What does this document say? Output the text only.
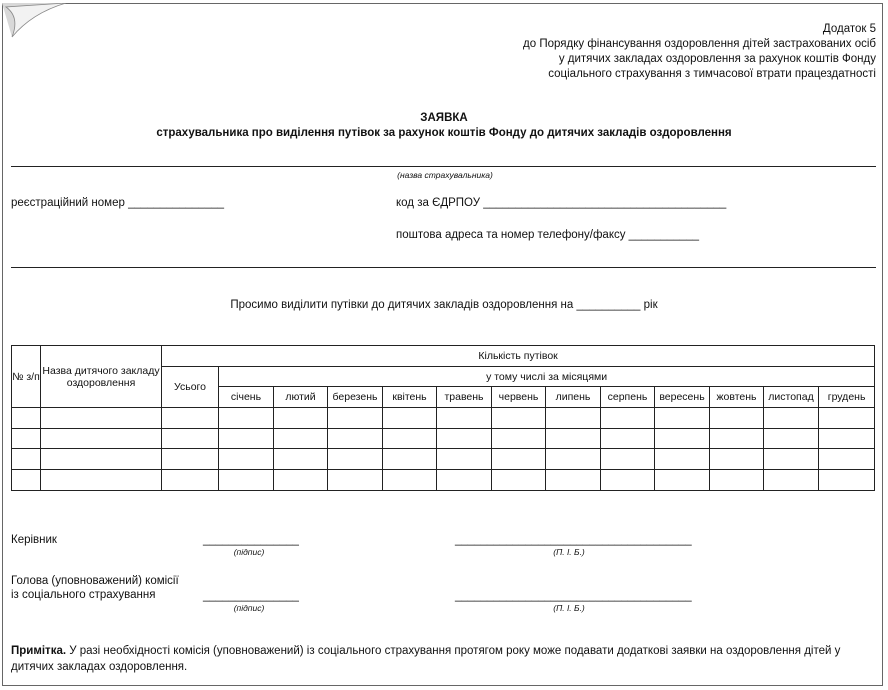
Додаток 5
до Порядку фінансування оздоровлення дітей застрахованих осіб
у дитячих закладах оздоровлення за рахунок коштів Фонду
соціального страхування з тимчасової втрати працездатності
ЗАЯВКА
страхувальника про виділення путівок за рахунок коштів Фонду до дитячих закладів оздоровлення
(назва страхувальника)
реєстраційний номер _______________	код за ЄДРПОУ ______________________________________
поштова адреса та номер телефону/факсу ___________
Просимо виділити путівки до дитячих закладів оздоровлення на __________ рік
№ з/п	Назва дитячого закладу оздоровлення	Кількість путівок												
		Усього	у тому числі за місяцями											
			січень	лютий	березень	квітень	травень	червень	липень	серпень	вересень	жовтень	листопад	грудень

Керівник	_______________
(підпис)
_____________________________________
(П. І. Б.)
Голова (уповноважений) комісії
із соціального страхування	_______________
(підпис)
_____________________________________
(П. І. Б.)
Примітка. У разі необхідності комісія (уповноважений) із соціального страхування протягом року може подавати додаткові заявки на оздоровлення дітей у дитячих закладах оздоровлення.
